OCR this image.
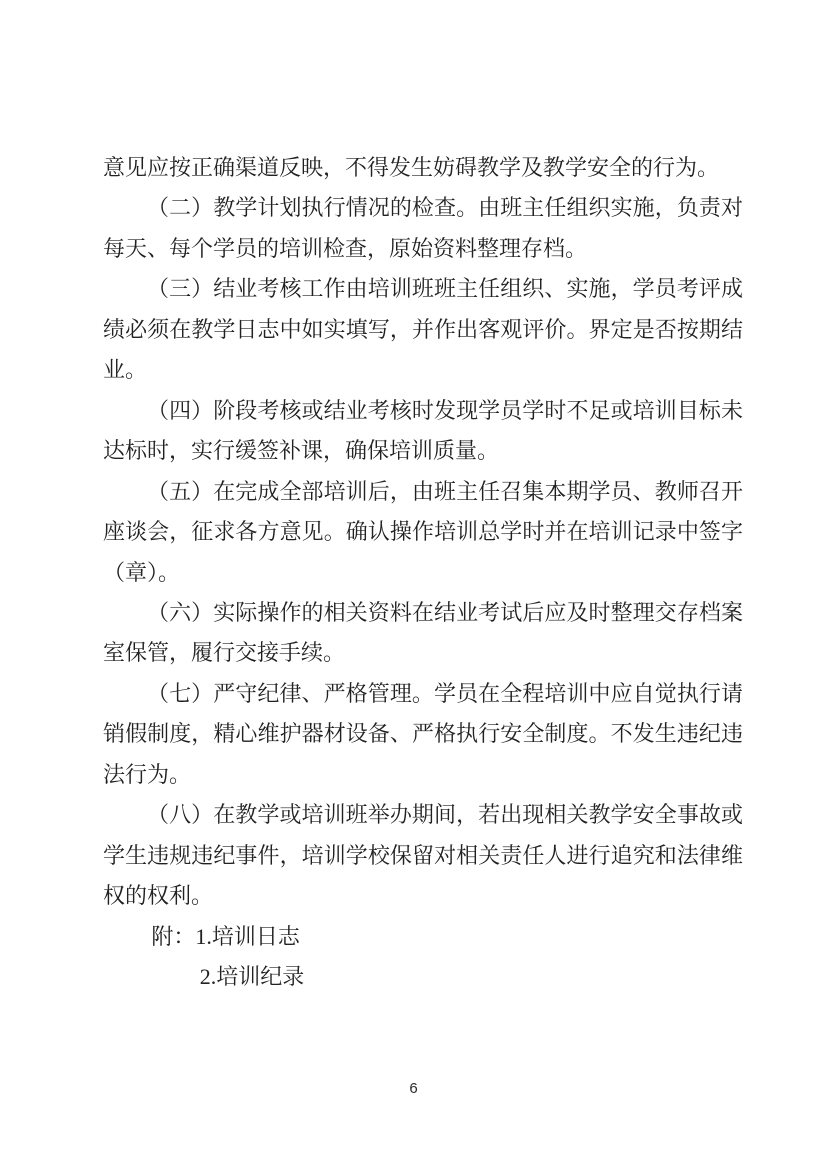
意见应按正确渠道反映，不得发生妨碍教学及教学安全的行为。

（二）教学计划执行情况的检查。由班主任组织实施，负责对每天、每个学员的培训检查，原始资料整理存档。

（三）结业考核工作由培训班班主任组织、实施，学员考评成绩必须在教学日志中如实填写，并作出客观评价。界定是否按期结业。

（四）阶段考核或结业考核时发现学员学时不足或培训目标未达标时，实行缓签补课，确保培训质量。

（五）在完成全部培训后，由班主任召集本期学员、教师召开座谈会，征求各方意见。确认操作培训总学时并在培训记录中签字（章）。

（六）实际操作的相关资料在结业考试后应及时整理交存档案室保管，履行交接手续。

（七）严守纪律、严格管理。学员在全程培训中应自觉执行请销假制度，精心维护器材设备、严格执行安全制度。不发生违纪违法行为。

（八）在教学或培训班举办期间，若出现相关教学安全事故或学生违规违纪事件，培训学校保留对相关责任人进行追究和法律维权的权利。

附：1.培训日志

2.培训纪录

6
